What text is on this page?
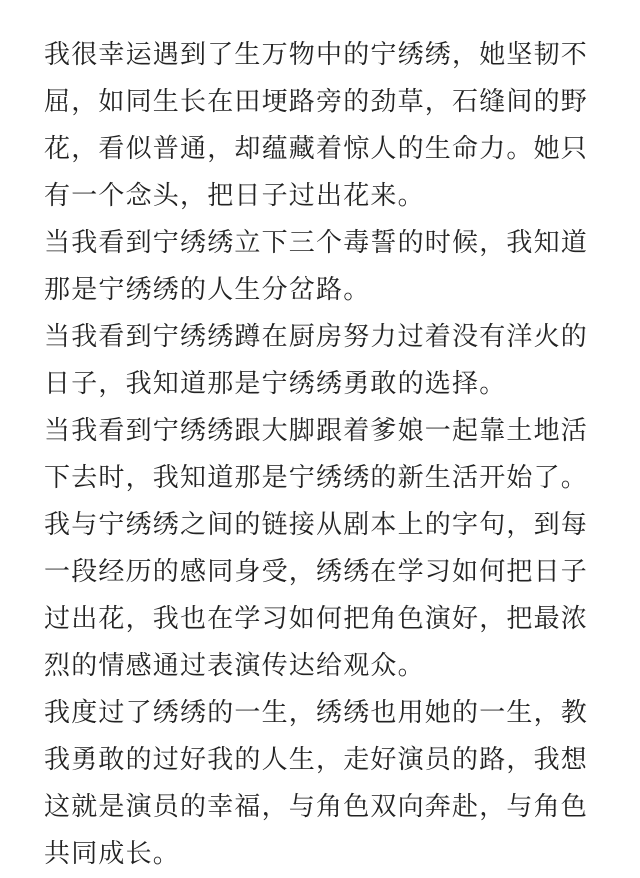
我很幸运遇到了生万物中的宁绣绣，她坚韧不
屈，如同生长在田埂路旁的劲草，石缝间的野
花，看似普通，却蕴藏着惊人的生命力。她只
有一个念头，把日子过出花来。
当我看到宁绣绣立下三个毒誓的时候，我知道
那是宁绣绣的人生分岔路。
当我看到宁绣绣蹲在厨房努力过着没有洋火的
日子，我知道那是宁绣绣勇敢的选择。
当我看到宁绣绣跟大脚跟着爹娘一起靠土地活
下去时，我知道那是宁绣绣的新生活开始了。
我与宁绣绣之间的链接从剧本上的字句，到每
一段经历的感同身受，绣绣在学习如何把日子
过出花，我也在学习如何把角色演好，把最浓
烈的情感通过表演传达给观众。
我度过了绣绣的一生，绣绣也用她的一生，教
我勇敢的过好我的人生，走好演员的路，我想
这就是演员的幸福，与角色双向奔赴，与角色
共同成长。
